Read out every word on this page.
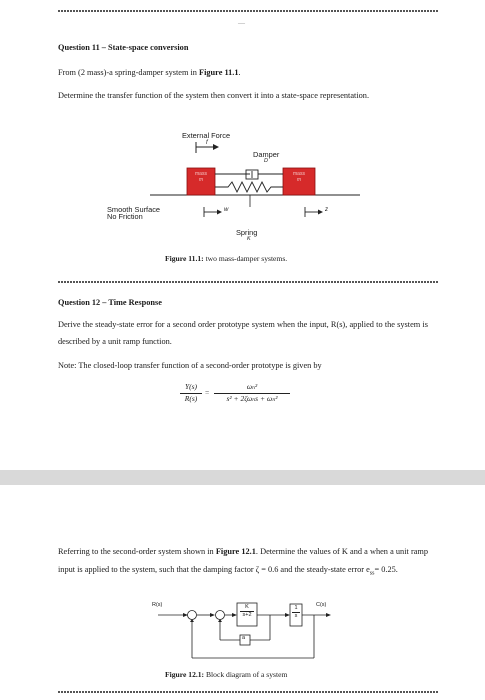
—
Question 11 – State-space conversion
From (2 mass)-a spring-damper system in Figure 11.1.
Determine the transfer function of the system then convert it into a state-space representation.
External Force
f
Damper
D
mass
m
mass
m
Smooth Surface
No Friction
w	z
Spring
K
Figure 11.1: two mass-damper systems.
Question 12 – Time Response
Derive the steady-state error for a second order prototype system when the input, R(s), applied to the system is described by a unit ramp function.
Note: The closed-loop transfer function of a second-order prototype is given by
Y(s)
R(s)
=
ωₙ²
s² + 2ζωₙs + ωₙ²
Referring to the second-order system shown in Figure 12.1. Determine the values of K and a when a unit ramp input is applied to the system, such that the damping factor ζ = 0.6 and the steady-state error $e_{ss}= 0.25$.
R(s)	C(s)
$\frac{K}{s+2}$	$\frac{1}{s}$
a
Figure 12.1: Block diagram of a system
